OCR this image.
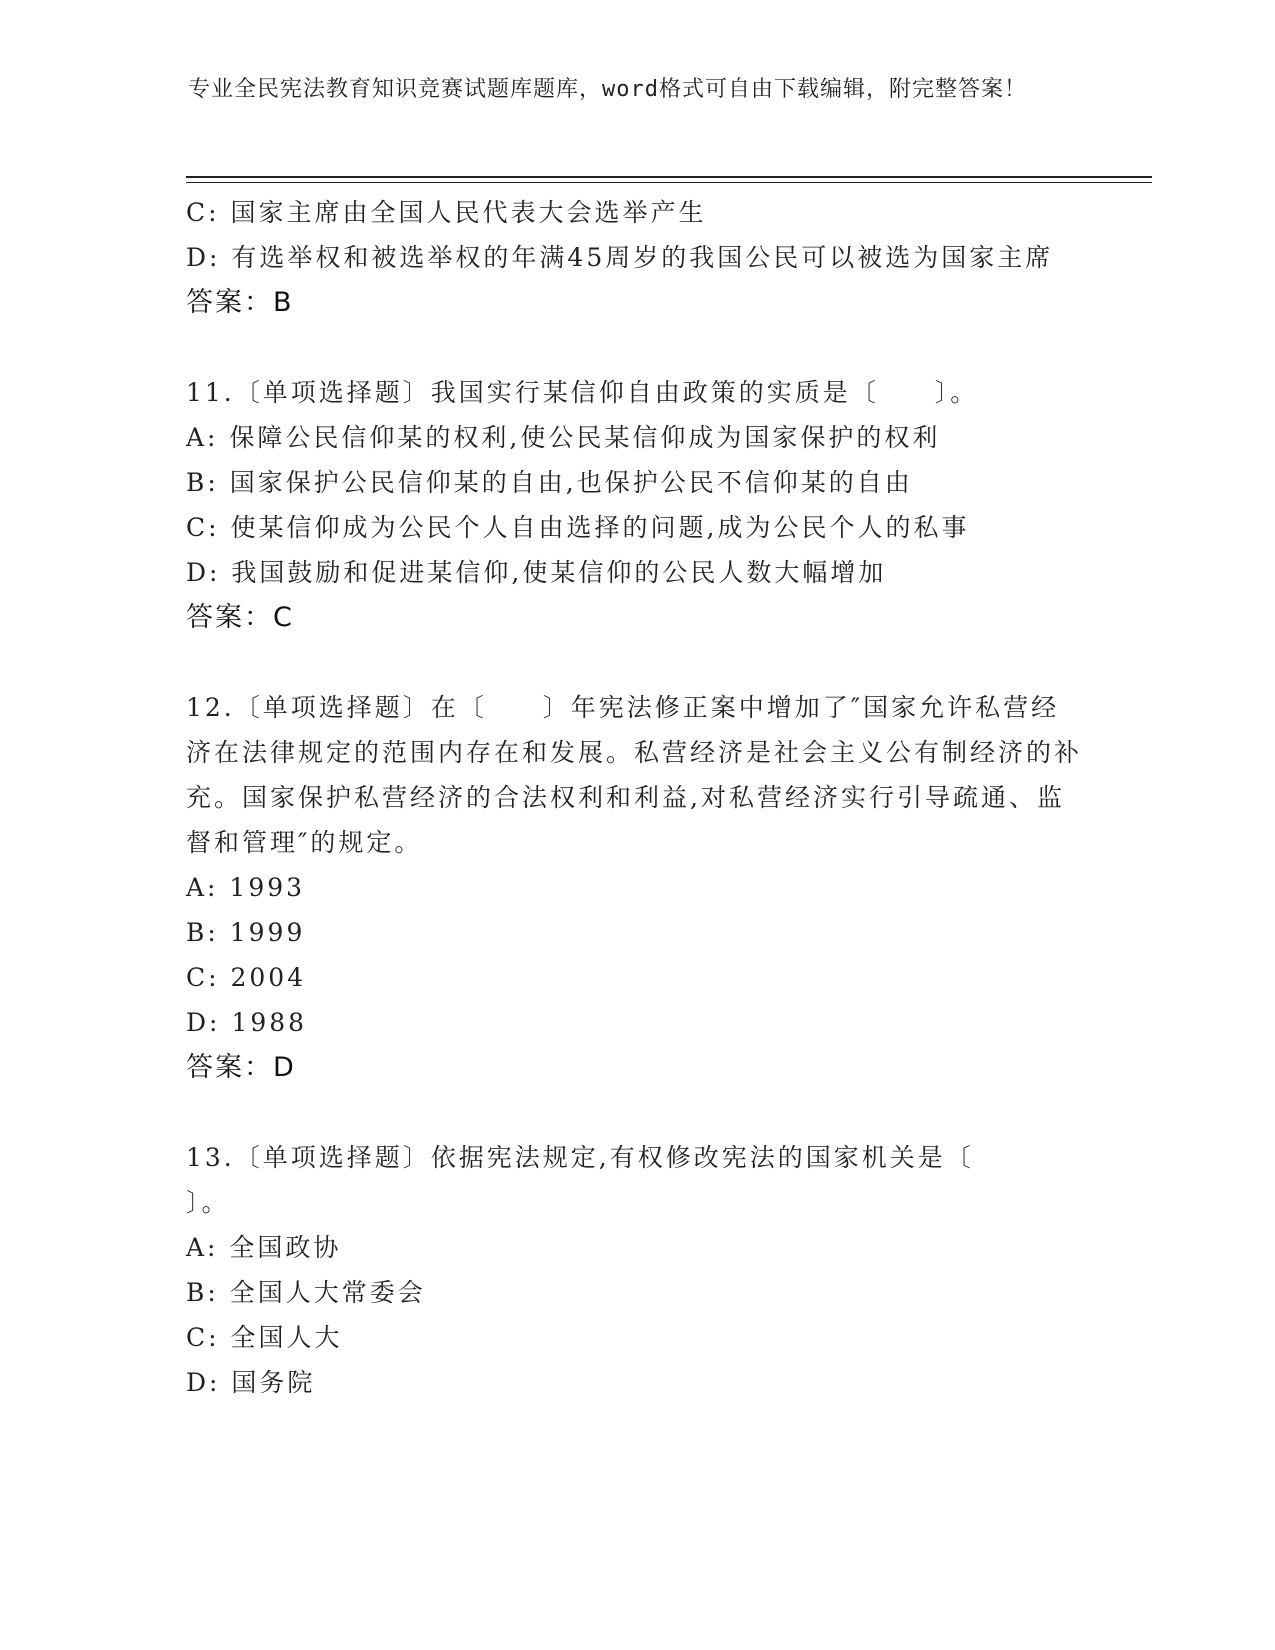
专业全民宪法教育知识竞赛试题库题库，word格式可自由下载编辑，附完整答案！
C: 国家主席由全国人民代表大会选举产生
D: 有选举权和被选举权的年满45周岁的我国公民可以被选为国家主席
答案：B
11.〔单项选择题〕我国实行某信仰自由政策的实质是〔　　〕。
A: 保障公民信仰某的权利,使公民某信仰成为国家保护的权利
B: 国家保护公民信仰某的自由,也保护公民不信仰某的自由
C: 使某信仰成为公民个人自由选择的问题,成为公民个人的私事
D: 我国鼓励和促进某信仰,使某信仰的公民人数大幅增加
答案：C
12.〔单项选择题〕在〔　　〕年宪法修正案中增加了″国家允许私营经济在法律规定的范围内存在和发展。私营经济是社会主义公有制经济的补充。国家保护私营经济的合法权利和利益,对私营经济实行引导疏通、监督和管理″的规定。
A: 1993
B: 1999
C: 2004
D: 1988
答案：D
13.〔单项选择题〕依据宪法规定,有权修改宪法的国家机关是〔　　〕。
A: 全国政协
B: 全国人大常委会
C: 全国人大
D: 国务院
